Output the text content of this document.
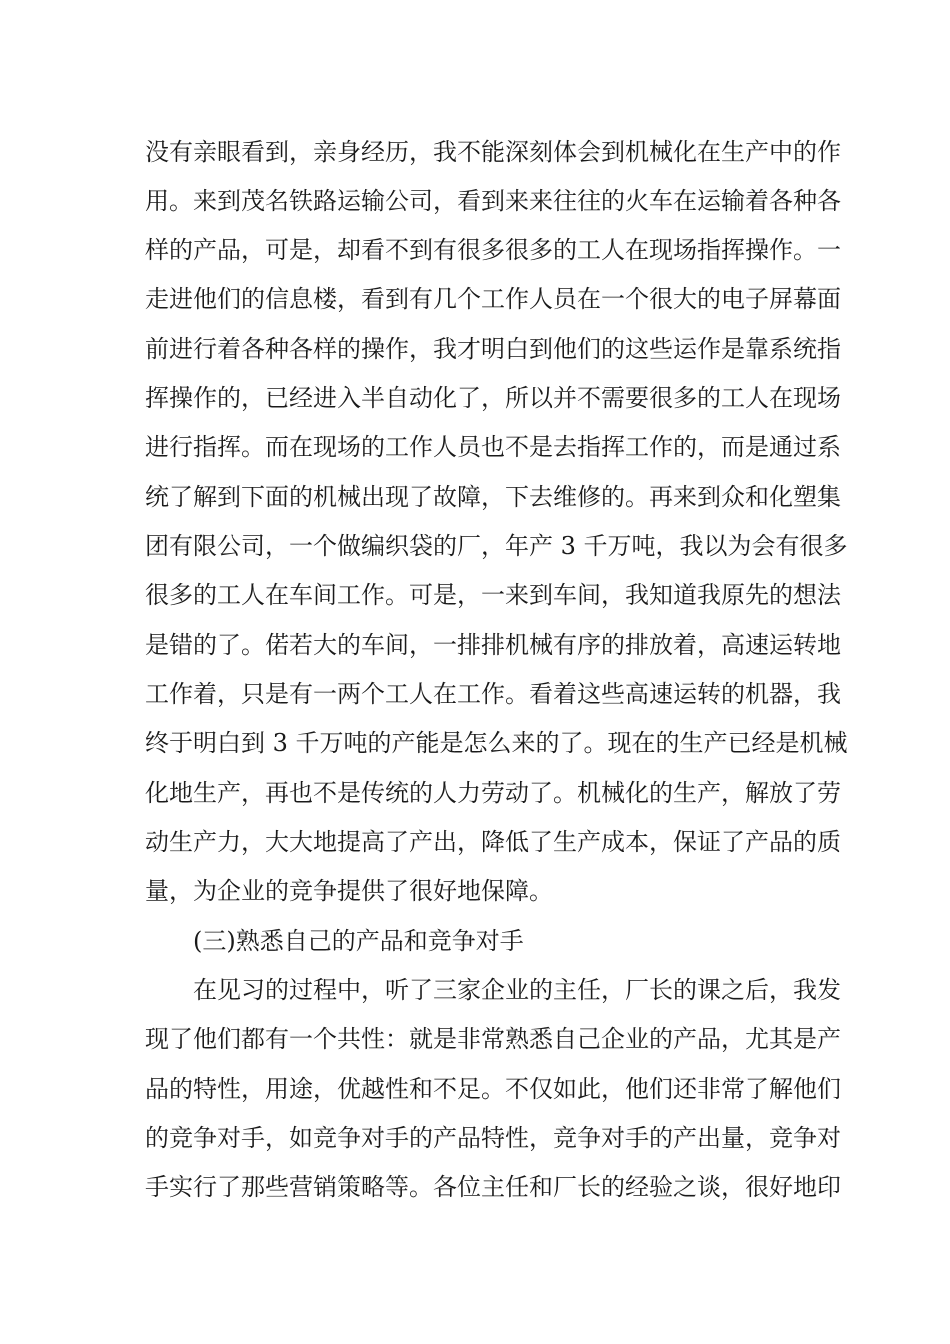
没有亲眼看到，亲身经历，我不能深刻体会到机械化在生产中的作
用。来到茂名铁路运输公司，看到来来往往的火车在运输着各种各
样的产品，可是，却看不到有很多很多的工人在现场指挥操作。一
走进他们的信息楼，看到有几个工作人员在一个很大的电子屏幕面
前进行着各种各样的操作，我才明白到他们的这些运作是靠系统指
挥操作的，已经进入半自动化了，所以并不需要很多的工人在现场
进行指挥。而在现场的工作人员也不是去指挥工作的，而是通过系
统了解到下面的机械出现了故障，下去维修的。再来到众和化塑集
团有限公司，一个做编织袋的厂，年产 3 千万吨，我以为会有很多
很多的工人在车间工作。可是，一来到车间，我知道我原先的想法
是错的了。偌若大的车间，一排排机械有序的排放着，高速运转地
工作着，只是有一两个工人在工作。看着这些高速运转的机器，我
终于明白到 3 千万吨的产能是怎么来的了。现在的生产已经是机械
化地生产，再也不是传统的人力劳动了。机械化的生产，解放了劳
动生产力，大大地提高了产出，降低了生产成本，保证了产品的质
量，为企业的竞争提供了很好地保障。
(三)熟悉自己的产品和竞争对手
在见习的过程中，听了三家企业的主任，厂长的课之后，我发
现了他们都有一个共性：就是非常熟悉自己企业的产品，尤其是产
品的特性，用途，优越性和不足。不仅如此，他们还非常了解他们
的竞争对手，如竞争对手的产品特性，竞争对手的产出量，竞争对
手实行了那些营销策略等。各位主任和厂长的经验之谈，很好地印
